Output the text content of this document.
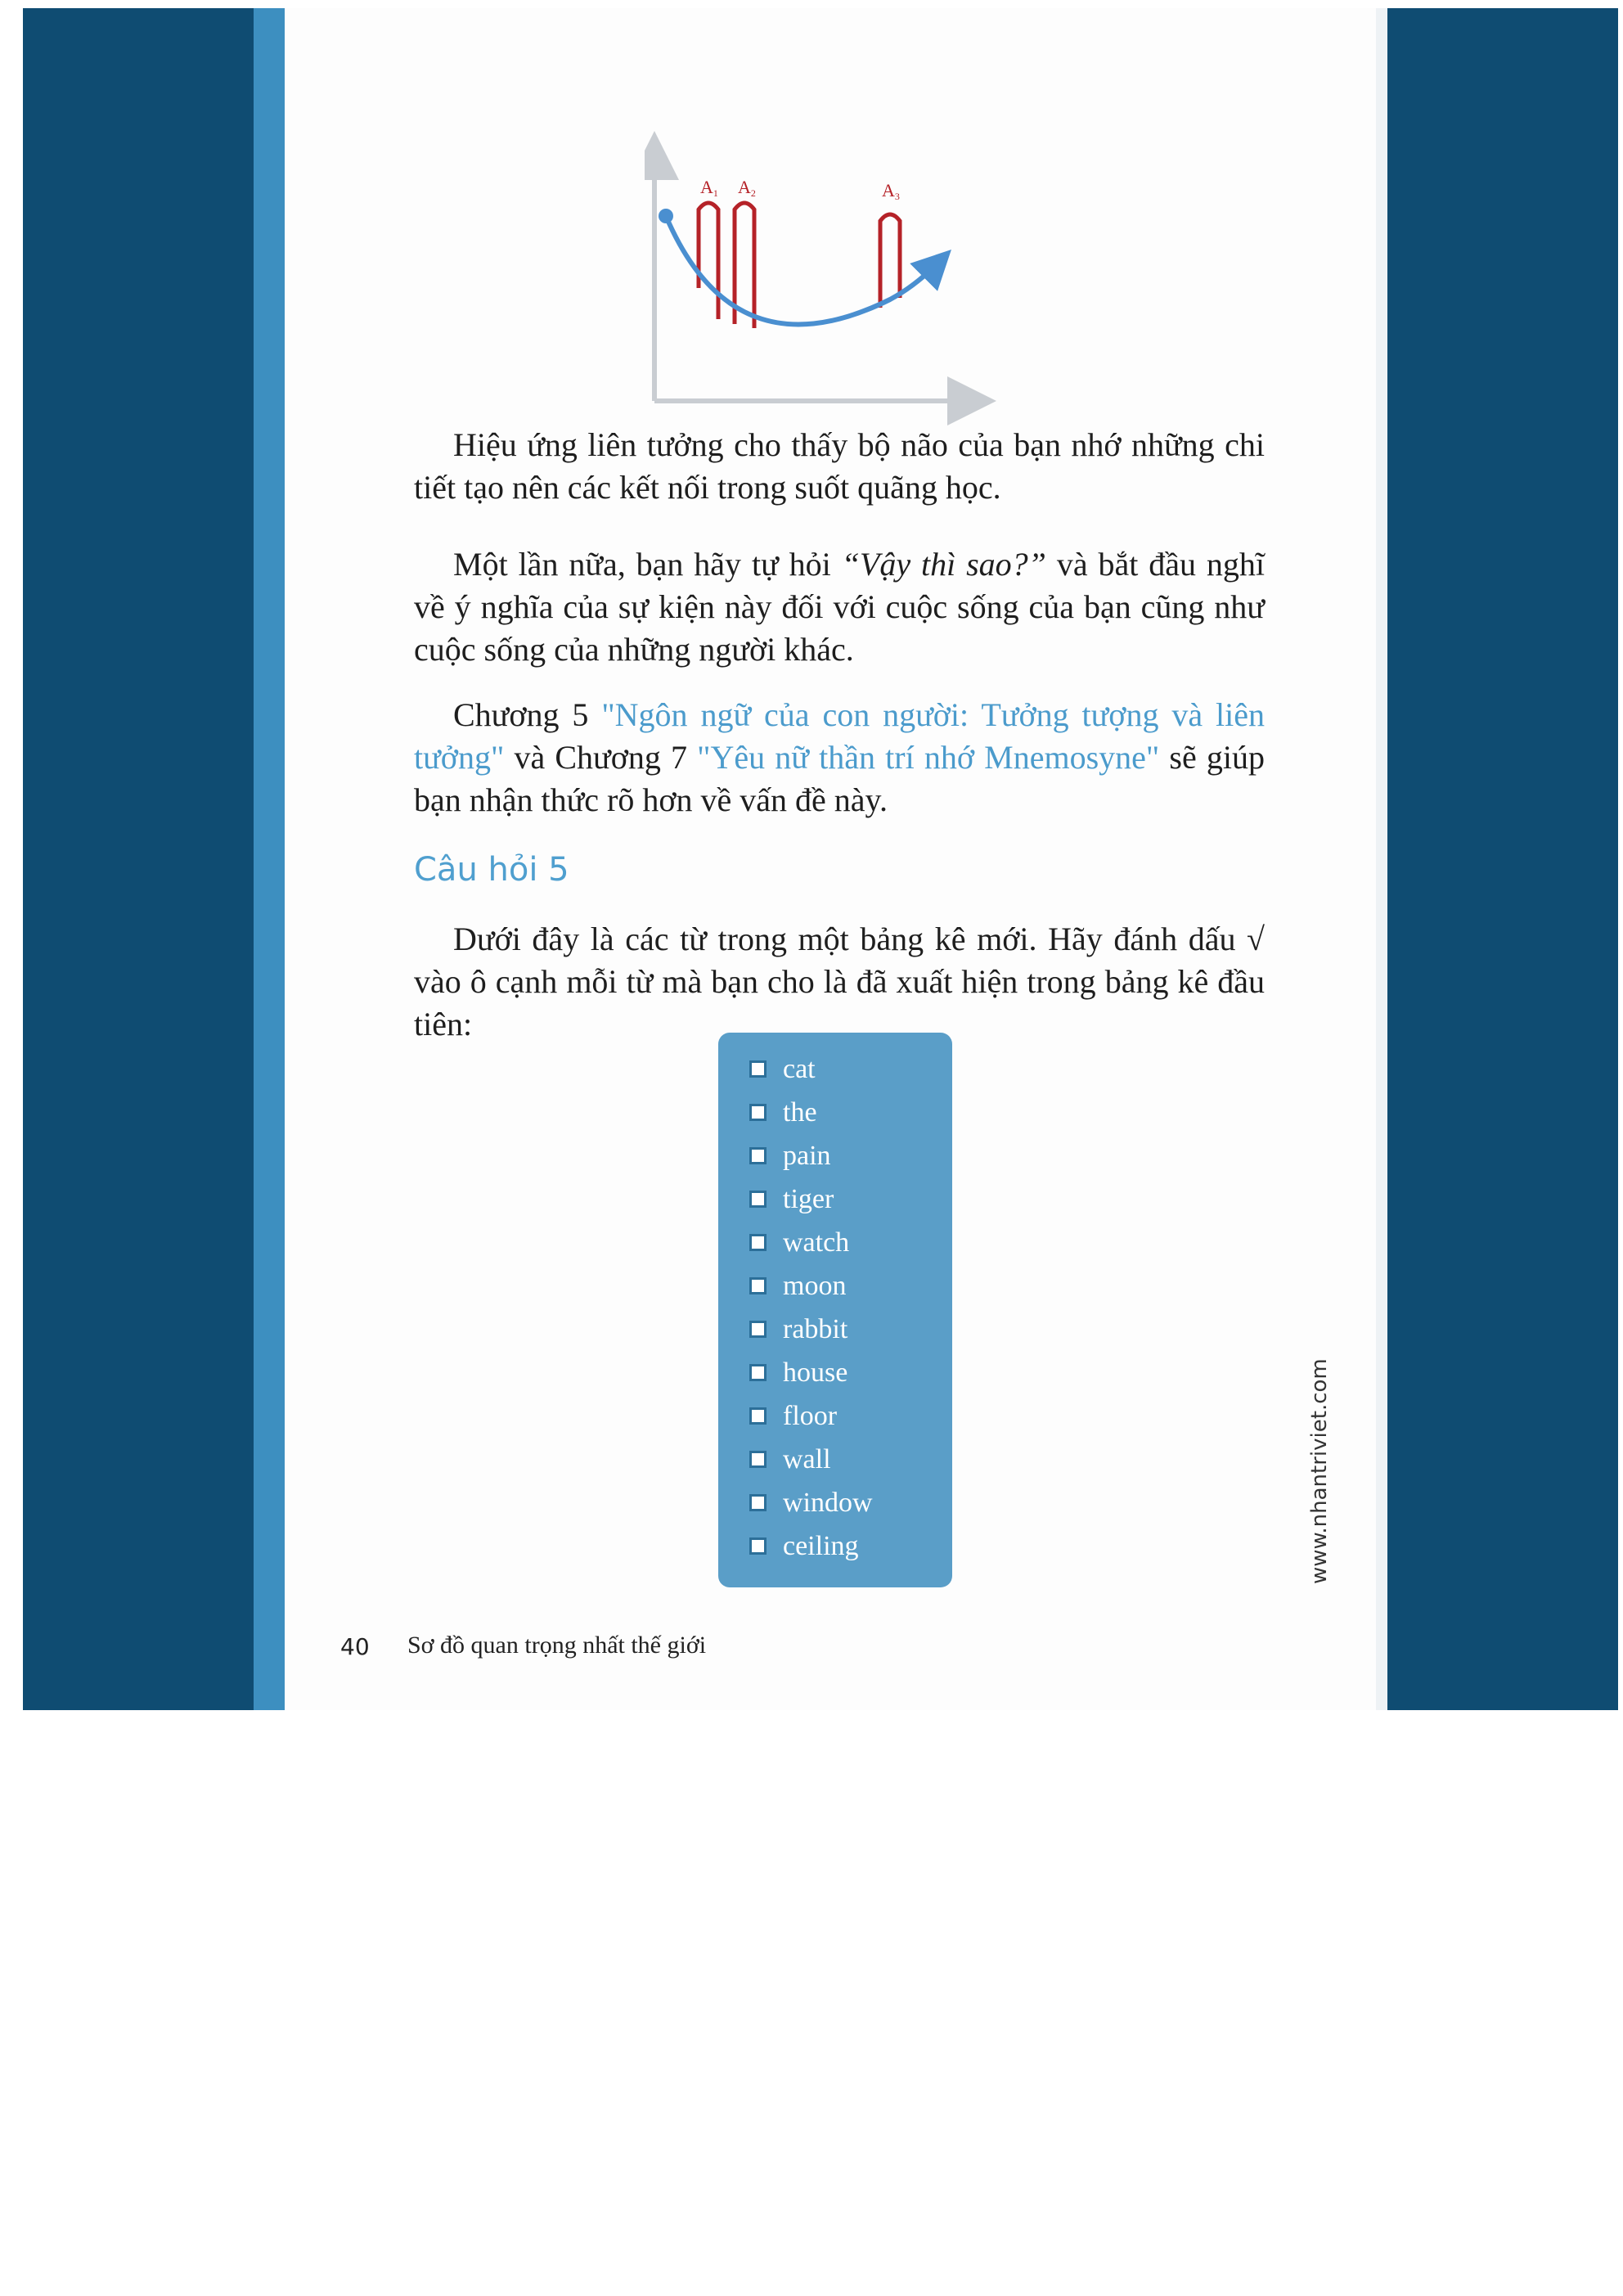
A1 A2	A3

Hiệu ứng liên tưởng cho thấy bộ não của bạn nhớ những chi tiết tạo nên các kết nối trong suốt quãng học.

Một lần nữa, bạn hãy tự hỏi “Vậy thì sao?” và bắt đầu nghĩ về ý nghĩa của sự kiện này đối với cuộc sống của bạn cũng như cuộc sống của những người khác.

Chương 5 "Ngôn ngữ của con người: Tưởng tượng và liên tưởng" và Chương 7 "Yêu nữ thần trí nhớ Mnemosyne" sẽ giúp bạn nhận thức rõ hơn về vấn đề này.

Câu hỏi 5

Dưới đây là các từ trong một bảng kê mới. Hãy đánh dấu √ vào ô cạnh mỗi từ mà bạn cho là đã xuất hiện trong bảng kê đầu tiên:

cat
the
pain
tiger
watch
moon
rabbit
house
floor
wall
window
ceiling
40 Sơ đồ quan trọng nhất thế giới
www.nhantriviet.com
